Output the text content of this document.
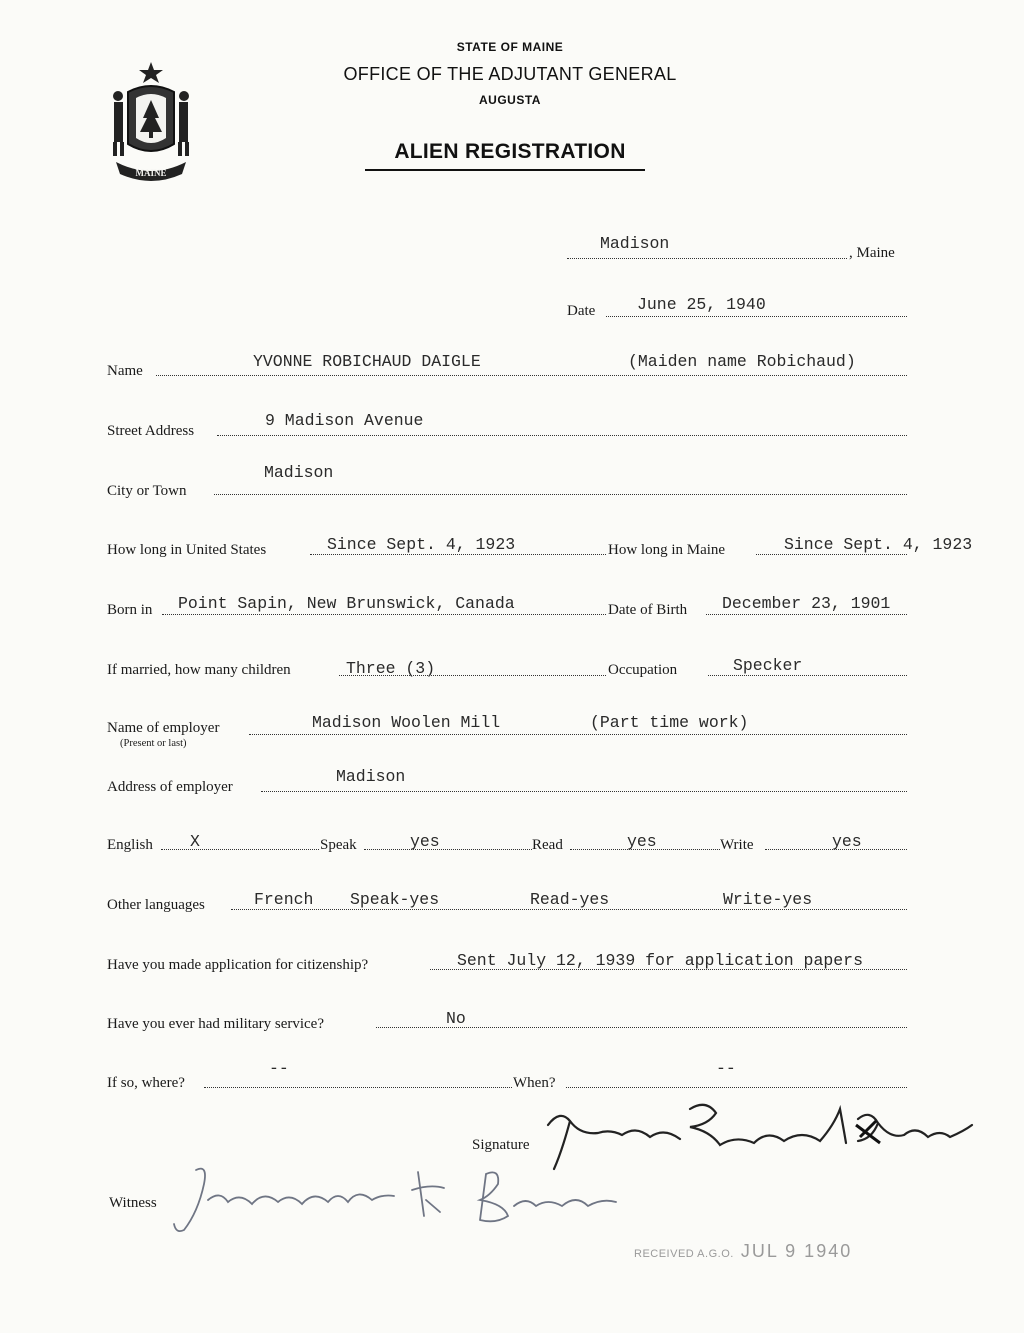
MAINE
STATE OF MAINE
OFFICE OF THE ADJUTANT GENERAL
AUGUSTA
ALIEN REGISTRATION
Madison	, Maine
Date	June 25, 1940
Name	YVONNE ROBICHAUD DAIGLE	(Maiden name Robichaud)
Street Address
9 Madison Avenue
City or Town
Madison
How long in United States	Since Sept. 4, 1923	How long in Maine	Since Sept. 4, 1923
Born in Point Sapin, New Brunswick, Canada	Date of Birth December 23, 1901
If married, how many children	Three (3)	Occupation	Specker
Name of employer
(Present or last)
Madison Woolen Mill	(Part time work)
Address of employer
Madison
English X	Speak	yes	Read	yes	Write	yes
Other languages	French Speak-yes	Read-yes	Write-yes
Have you made application for citizenship?	Sent July 12, 1939 for application papers
Have you ever had military service?	No
If so, where?
--
When?
--
Signature
Witness
RECEIVED A.G.O. JUL 9 1940
